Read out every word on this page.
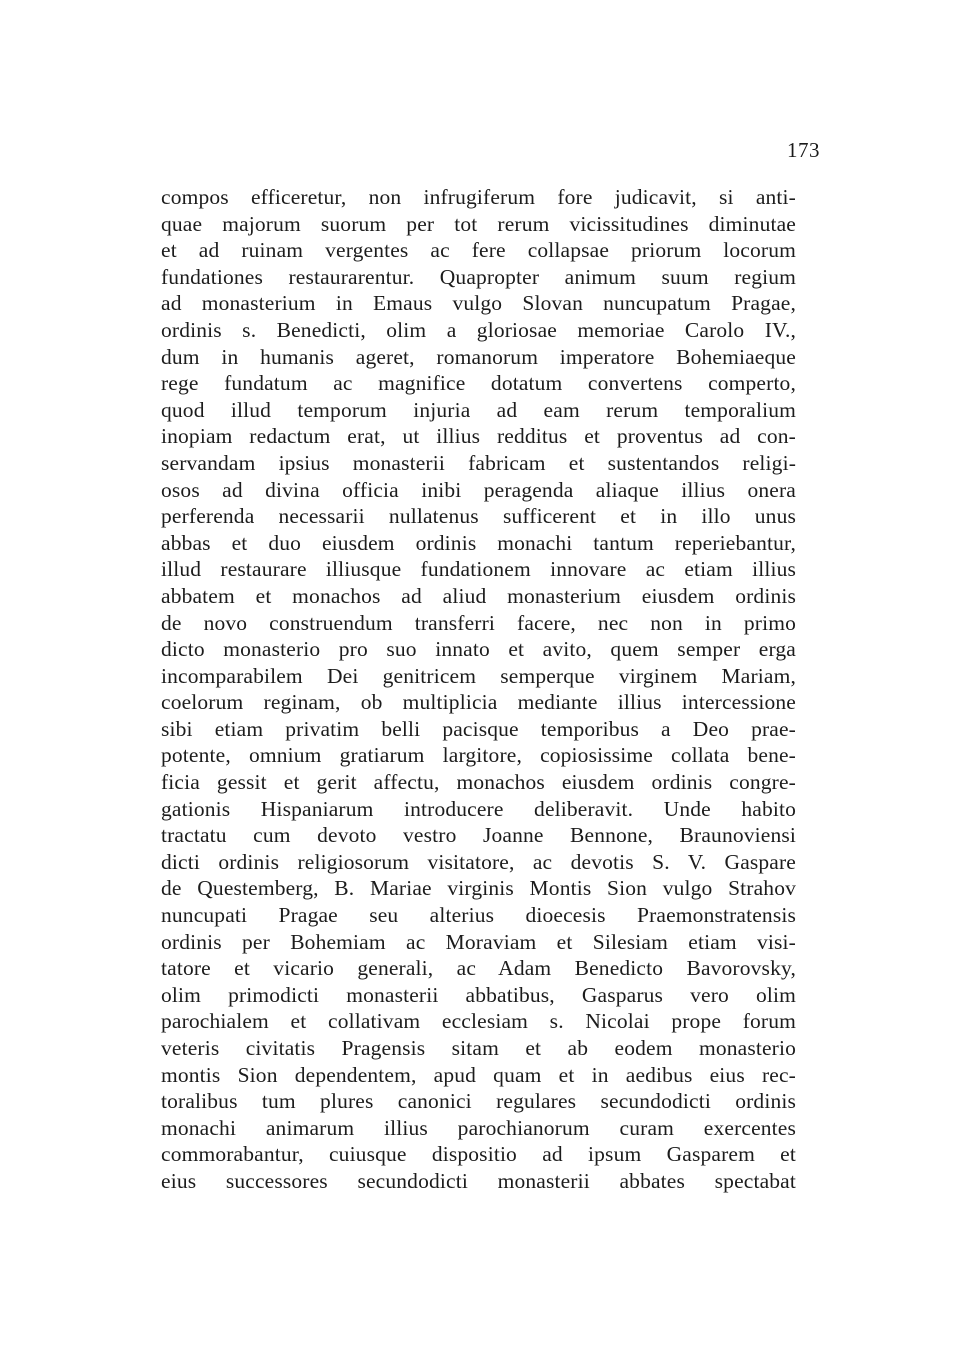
173
compos efficeretur, non infrugiferum fore judicavit, si anti-
quae majorum suorum per tot rerum vicissitudines diminutae
et ad ruinam vergentes ac fere collapsae priorum locorum
fundationes restaurarentur. Quapropter animum suum regium
ad monasterium in Emaus vulgo Slovan nuncupatum Pragae,
ordinis s. Benedicti, olim a gloriosae memoriae Carolo IV.,
dum in humanis ageret, romanorum imperatore Bohemiaeque
rege fundatum ac magnifice dotatum convertens comperto,
quod illud temporum injuria ad eam rerum temporalium
inopiam redactum erat, ut illius redditus et proventus ad con-
servandam ipsius monasterii fabricam et sustentandos religi-
osos ad divina officia inibi peragenda aliaque illius onera
perferenda necessarii nullatenus sufficerent et in illo unus
abbas et duo eiusdem ordinis monachi tantum reperiebantur,
illud restaurare illiusque fundationem innovare ac etiam illius
abbatem et monachos ad aliud monasterium eiusdem ordinis
de novo construendum transferri facere, nec non in primo
dicto monasterio pro suo innato et avito, quem semper erga
incomparabilem Dei genitricem semperque virginem Mariam,
coelorum reginam, ob multiplicia mediante illius intercessione
sibi etiam privatim belli pacisque temporibus a Deo prae-
potente, omnium gratiarum largitore, copiosissime collata bene-
ficia gessit et gerit affectu, monachos eiusdem ordinis congre-
gationis Hispaniarum introducere deliberavit. Unde habito
tractatu cum devoto vestro Joanne Bennone, Braunoviensi
dicti ordinis religiosorum visitatore, ac devotis S. V. Gaspare
de Questemberg, B. Mariae virginis Montis Sion vulgo Strahov
nuncupati Pragae seu alterius dioecesis Praemonstratensis
ordinis per Bohemiam ac Moraviam et Silesiam etiam visi-
tatore et vicario generali, ac Adam Benedicto Bavorovsky,
olim primodicti monasterii abbatibus, Gasparus vero olim
parochialem et collativam ecclesiam s. Nicolai prope forum
veteris civitatis Pragensis sitam et ab eodem monasterio
montis Sion dependentem, apud quam et in aedibus eius rec-
toralibus tum plures canonici regulares secundodicti ordinis
monachi animarum illius parochianorum curam exercentes
commorabantur, cuiusque dispositio ad ipsum Gasparem et
eius successores secundodicti monasterii abbates spectabat
